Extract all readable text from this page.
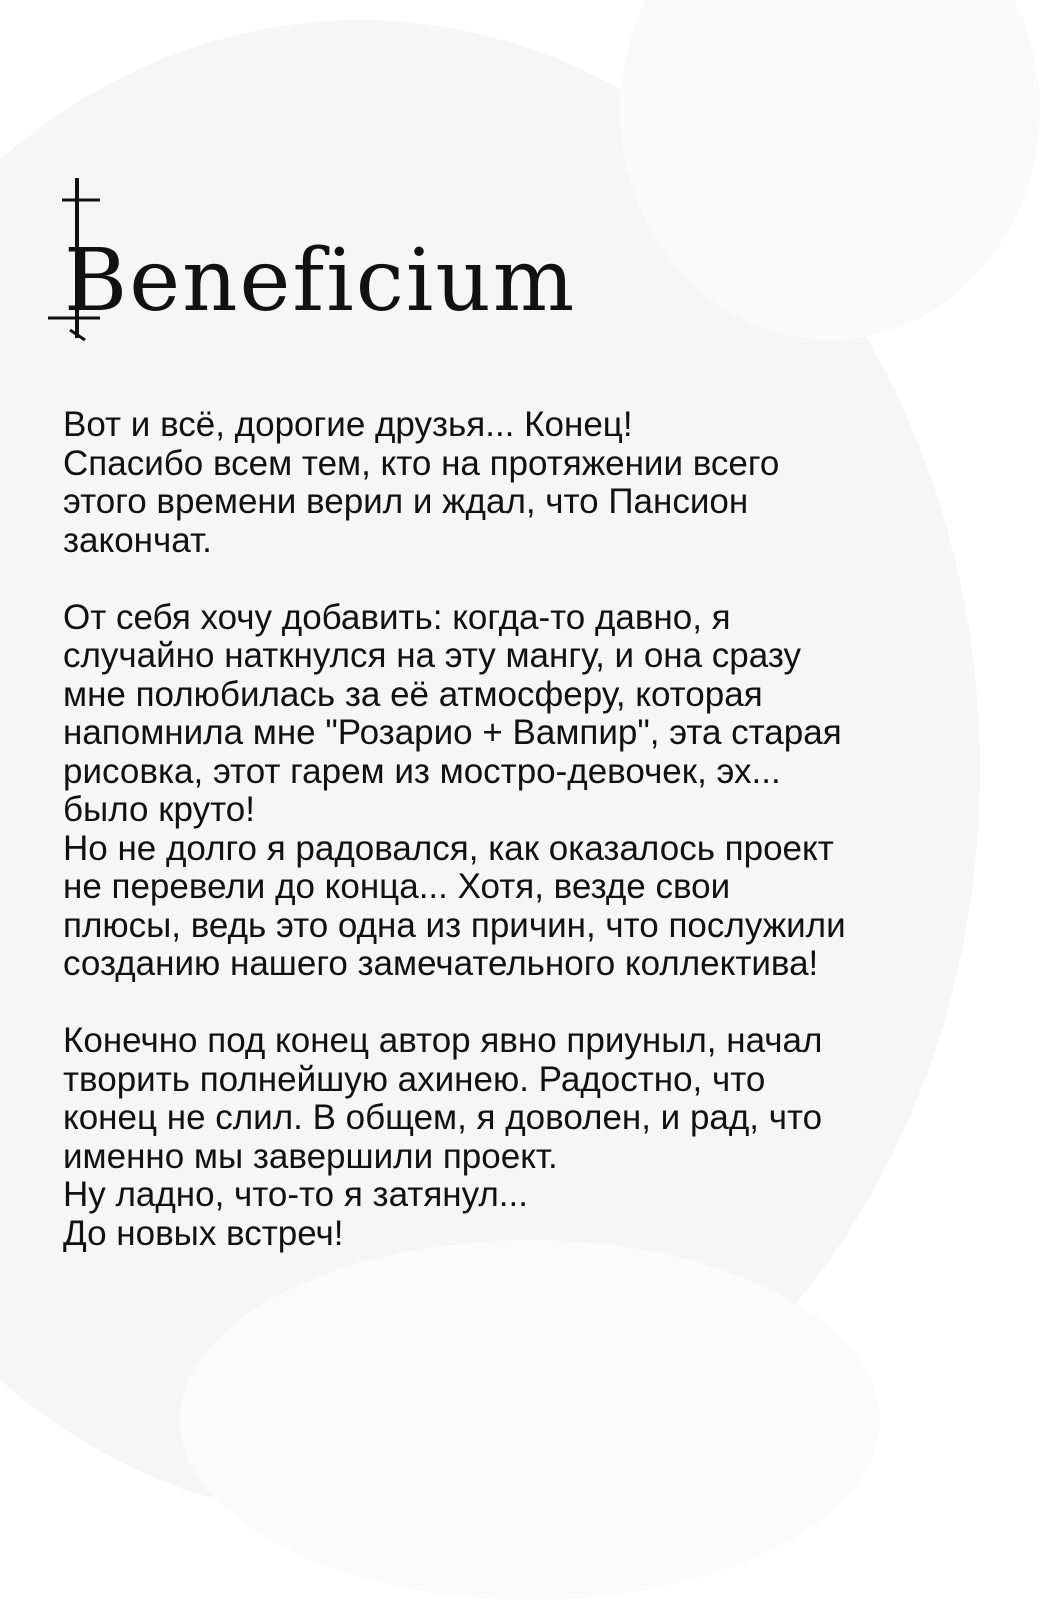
Beneficium

Вот и всё, дорогие друзья... Конец!
Спасибо всем тем, кто на протяжении всего
этого времени верил и ждал, что Пансион
закончат.

От себя хочу добавить: когда-то давно, я
случайно наткнулся на эту мангу, и она сразу
мне полюбилась за её атмосферу, которая
напомнила мне "Розарио + Вампир", эта старая
рисовка, этот гарем из мостро-девочек, эх...
было круто!
Но не долго я радовался, как оказалось проект
не перевели до конца... Хотя, везде свои
плюсы, ведь это одна из причин, что послужили
созданию нашего замечательного коллектива!

Конечно под конец автор явно приуныл, начал
творить полнейшую ахинею. Радостно, что
конец не слил. В общем, я доволен, и рад, что
именно мы завершили проект.
Ну ладно, что-то я затянул...
До новых встреч!
